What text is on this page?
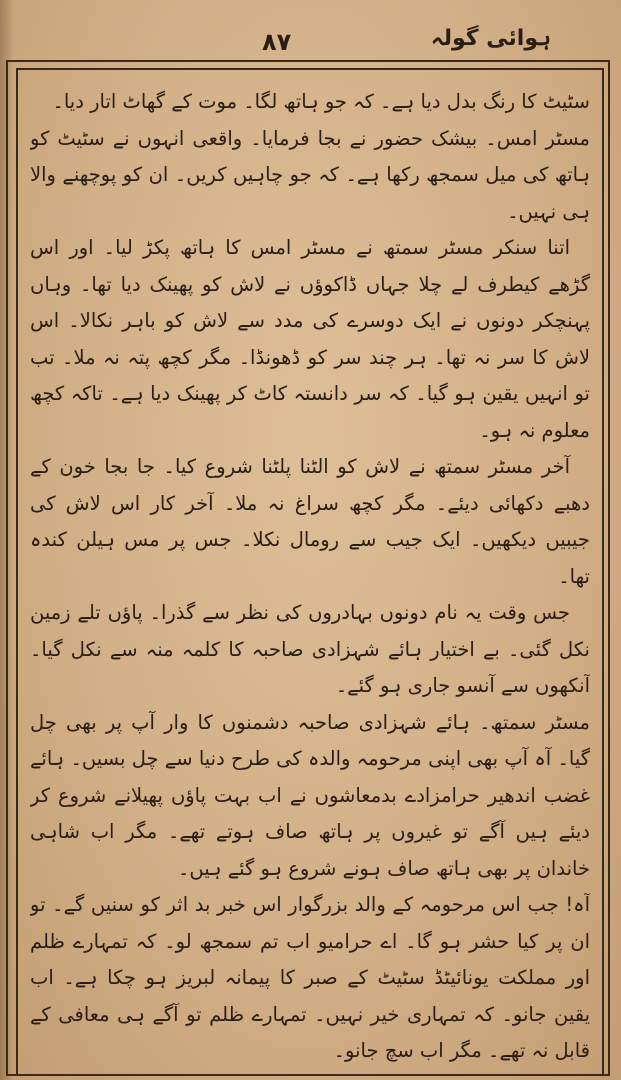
۸۷	ہوائی گولہ

سٹیٹ کا رنگ بدل دیا ہے۔ کہ جو ہاتھ لگا۔ موت کے گھاٹ اتار دیا۔

مسٹر امس۔ بیشک حضور نے بجا فرمایا۔ واقعی انہوں نے سٹیٹ کو ہاتھ کی میل سمجھ رکھا ہے۔ کہ جو چاہیں کریں۔ ان کو پوچھنے والا ہی نہیں۔

اتنا سنکر مسٹر سمتھ نے مسٹر امس کا ہاتھ پکڑ لیا۔ اور اس گڑھے کیطرف لے چلا جہاں ڈاکوؤں نے لاش کو پھینک دیا تھا۔ وہاں پہنچکر دونوں نے ایک دوسرے کی مدد سے لاش کو باہر نکالا۔ اس لاش کا سر نہ تھا۔ ہر چند سر کو ڈھونڈا۔ مگر کچھ پتہ نہ ملا۔ تب تو انہیں یقین ہو گیا۔ کہ سر دانستہ کاٹ کر پھینک دیا ہے۔ تاکہ کچھ معلوم نہ ہو۔

آخر مسٹر سمتھ نے لاش کو الٹنا پلٹنا شروع کیا۔ جا بجا خون کے دھبے دکھائی دیئے۔ مگر کچھ سراغ نہ ملا۔ آخر کار اس لاش کی جیبیں دیکھیں۔ ایک جیب سے رومال نکلا۔ جس پر مس ہیلن کندہ تھا۔

جس وقت یہ نام دونوں بہادروں کی نظر سے گذرا۔ پاؤں تلے زمین نکل گئی۔ بے اختیار ہائے شہزادی صاحبہ کا کلمہ منہ سے نکل گیا۔ آنکھوں سے آنسو جاری ہو گئے۔

مسٹر سمتھ۔ ہائے شہزادی صاحبہ دشمنوں کا وار آپ پر بھی چل گیا۔ آہ آپ بھی اپنی مرحومہ والدہ کی طرح دنیا سے چل بسیں۔ ہائے غضب اندھیر حرامزادے بدمعاشوں نے اب بہت پاؤں پھیلانے شروع کر دیئے ہیں آگے تو غیروں پر ہاتھ صاف ہوتے تھے۔ مگر اب شاہی خاندان پر بھی ہاتھ صاف ہونے شروع ہو گئے ہیں۔

آہ! جب اس مرحومہ کے والد بزرگوار اس خبر بد اثر کو سنیں گے۔ تو ان پر کیا حشر ہو گا۔ اے حرامیو اب تم سمجھ لو۔ کہ تمہارے ظلم اور مملکت یونائیٹڈ سٹیٹ کے صبر کا پیمانہ لبریز ہو چکا ہے۔ اب یقین جانو۔ کہ تمہاری خیر نہیں۔ تمہارے ظلم تو آگے ہی معافی کے قابل نہ تھے۔ مگر اب سچ جانو۔
